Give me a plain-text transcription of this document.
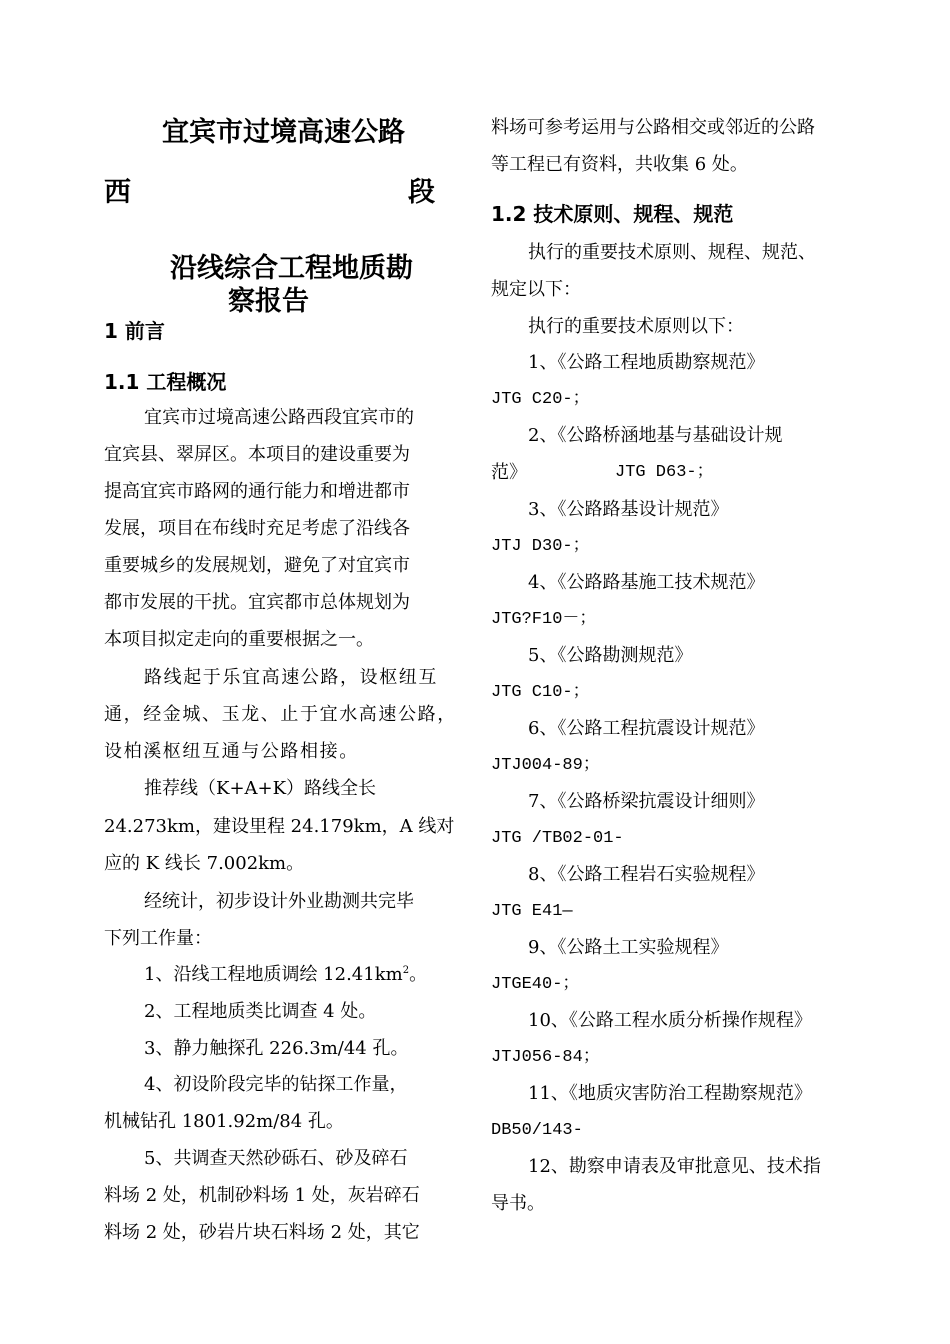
宜宾市过境高速公路
西	段
沿线综合工程地质勘
察报告
1 前言
1.1 工程概况
宜宾市过境高速公路西段宜宾市的
宜宾县、翠屏区。本项目的建设重要为
提高宜宾市路网的通行能力和增进都市
发展，项目在布线时充足考虑了沿线各
重要城乡的发展规划，避免了对宜宾市
都市发展的干扰。宜宾都市总体规划为
本项目拟定走向的重要根据之一。
路线起于乐宜高速公路，设枢纽互
通，经金城、玉龙、止于宜水高速公路，
设柏溪枢纽互通与公路相接。
推荐线（K+A+K）路线全长
24.273km，建设里程 24.179km，A 线对
应的 K 线长 7.002km。
经统计，初步设计外业勘测共完毕
下列工作量：
1、沿线工程地质调绘 $12.41km^2$。
2、工程地质类比调查 4 处。
3、静力触探孔 226.3m/44 孔。
4、初设阶段完毕的钻探工作量，
机械钻孔 1801.92m/84 孔。
5、共调查天然砂砾石、砂及碎石
料场 2 处，机制砂料场 1 处，灰岩碎石
料场 2 处，砂岩片块石料场 2 处，其它
料场可参考运用与公路相交或邻近的公路
等工程已有资料，共收集 6 处。
1.2 技术原则、规程、规范
执行的重要技术原则、规程、规范、
规定以下：
执行的重要技术原则以下：
1、《公路工程地质勘察规范》
JTG C20-；
2、《公路桥涵地基与基础设计规
范》	JTG D63-；
3、《公路路基设计规范》
JTJ D30-；
4、《公路路基施工技术规范》
JTG?F10－；
5、《公路勘测规范》
JTG C10-；
6、《公路工程抗震设计规范》
JTJ004-89；
7、《公路桥梁抗震设计细则》
JTG /TB02-01-
8、《公路工程岩石实验规程》
JTG E41—
9、《公路土工实验规程》
JTGE40-；
10、《公路工程水质分析操作规程》
JTJ056-84；
11、《地质灾害防治工程勘察规范》
DB50/143-
12、勘察申请表及审批意见、技术指
导书。
